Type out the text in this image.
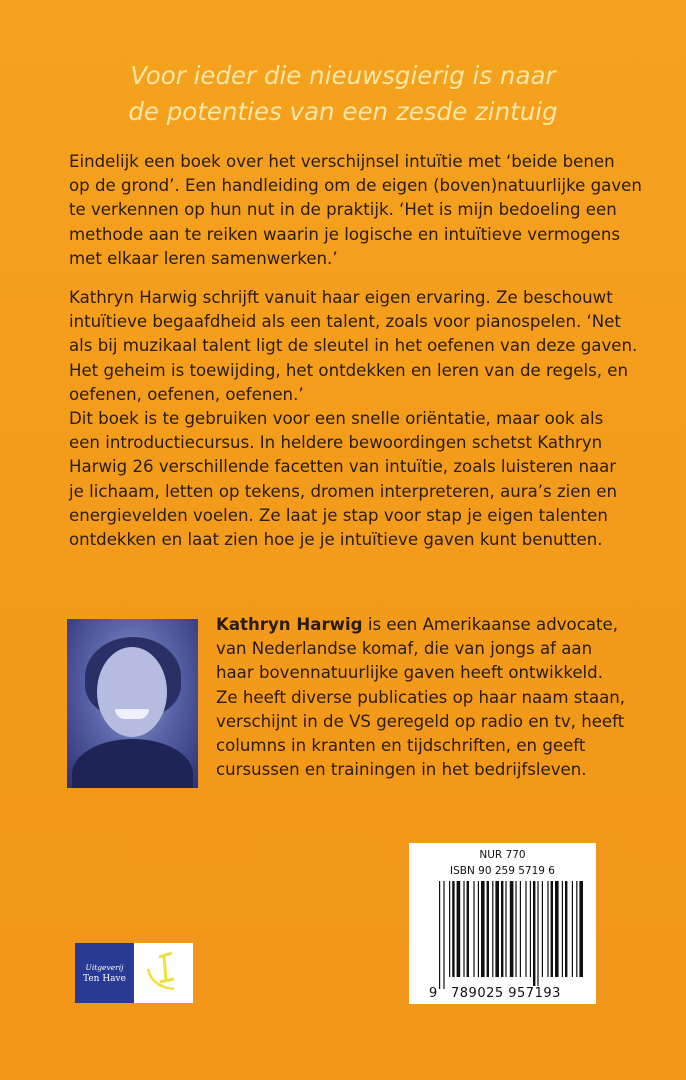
Voor ieder die nieuwsgierig is naar
de potenties van een zesde zintuig
Eindelijk een boek over het verschijnsel intuïtie met ‘beide benen
op de grond’. Een handleiding om de eigen (boven)natuurlijke gaven
te verkennen op hun nut in de praktijk. ‘Het is mijn bedoeling een
methode aan te reiken waarin je logische en intuïtieve vermogens
met elkaar leren samenwerken.’
Kathryn Harwig schrijft vanuit haar eigen ervaring. Ze beschouwt
intuïtieve begaafdheid als een talent, zoals voor pianospelen. ‘Net
als bij muzikaal talent ligt de sleutel in het oefenen van deze gaven.
Het geheim is toewijding, het ontdekken en leren van de regels, en
oefenen, oefenen, oefenen.’
Dit boek is te gebruiken voor een snelle oriëntatie, maar ook als
een introductiecursus. In heldere bewoordingen schetst Kathryn
Harwig 26 verschillende facetten van intuïtie, zoals luisteren naar
je lichaam, letten op tekens, dromen interpreteren, aura’s zien en
energievelden voelen. Ze laat je stap voor stap je eigen talenten
ontdekken en laat zien hoe je je intuïtieve gaven kunt benutten.
Kathryn Harwig is een Amerikaanse advocate,
van Nederlandse komaf, die van jongs af aan
haar bovennatuurlijke gaven heeft ontwikkeld.
Ze heeft diverse publicaties op haar naam staan,
verschijnt in de VS geregeld op radio en tv, heeft
columns in kranten en tijdschriften, en geeft
cursussen en trainingen in het bedrijfsleven.
NUR 770
ISBN 90 259 5719 6
9 789025 957193
Uitgeverij
Ten Have
